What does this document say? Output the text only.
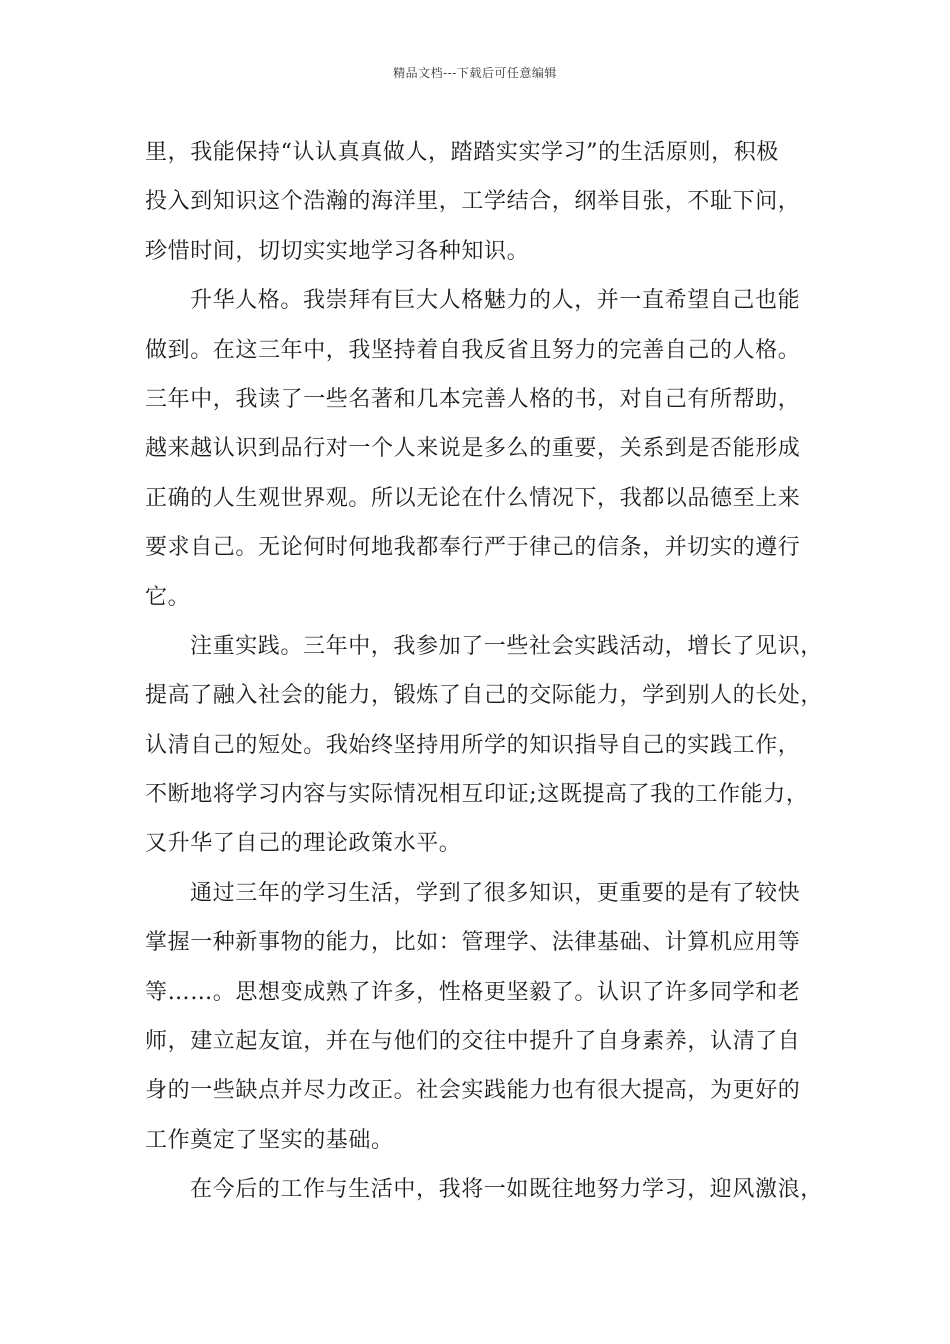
精品文档---下载后可任意编辑
里，我能保持“认认真真做人，踏踏实实学习”的生活原则，积极
投入到知识这个浩瀚的海洋里，工学结合，纲举目张，不耻下问，
珍惜时间，切切实实地学习各种知识。
升华人格。我崇拜有巨大人格魅力的人，并一直希望自己也能
做到。在这三年中，我坚持着自我反省且努力的完善自己的人格。
三年中，我读了一些名著和几本完善人格的书，对自己有所帮助，
越来越认识到品行对一个人来说是多么的重要，关系到是否能形成
正确的人生观世界观。所以无论在什么情况下，我都以品德至上来
要求自己。无论何时何地我都奉行严于律己的信条，并切实的遵行
它。
注重实践。三年中，我参加了一些社会实践活动，增长了见识，
提高了融入社会的能力，锻炼了自己的交际能力，学到别人的长处，
认清自己的短处。我始终坚持用所学的知识指导自己的实践工作，
不断地将学习内容与实际情况相互印证;这既提高了我的工作能力，
又升华了自己的理论政策水平。
通过三年的学习生活，学到了很多知识，更重要的是有了较快
掌握一种新事物的能力，比如：管理学、法律基础、计算机应用等
等……。思想变成熟了许多，性格更坚毅了。认识了许多同学和老
师，建立起友谊，并在与他们的交往中提升了自身素养，认清了自
身的一些缺点并尽力改正。社会实践能力也有很大提高，为更好的
工作奠定了坚实的基础。
在今后的工作与生活中，我将一如既往地努力学习，迎风激浪，
